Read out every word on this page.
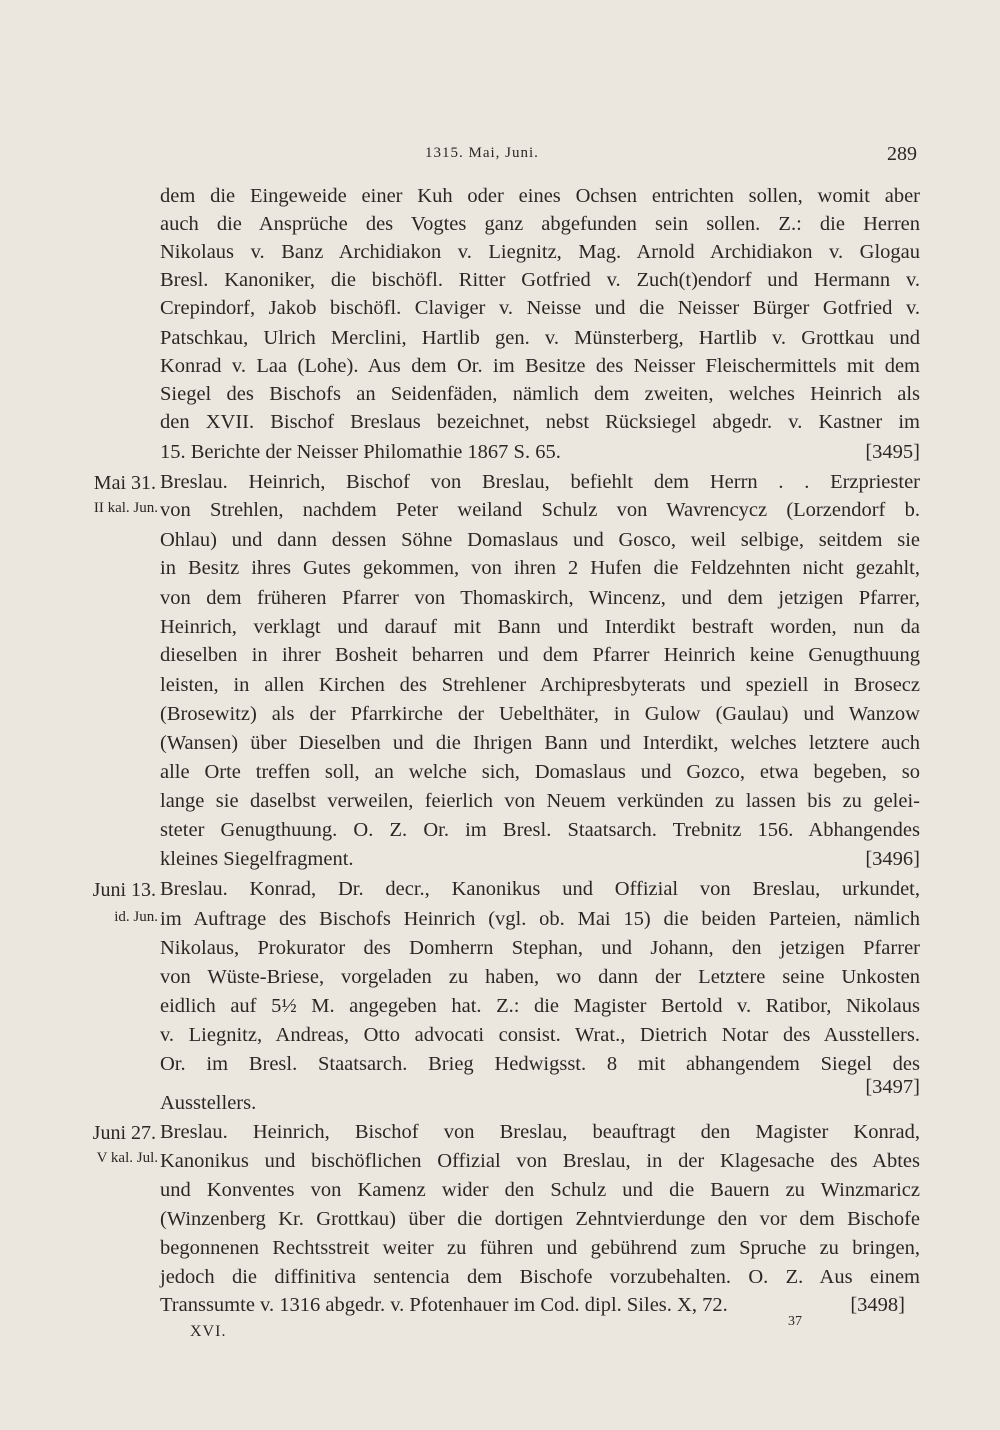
1315. Mai, Juni.	289
dem die Eingeweide einer Kuh oder eines Ochsen entrichten sollen, womit aber
auch die Ansprüche des Vogtes ganz abgefunden sein sollen. Z.: die Herren
Nikolaus v. Banz Archidiakon v. Liegnitz, Mag. Arnold Archidiakon v. Glogau
Bresl. Kanoniker, die bischöfl. Ritter Gotfried v. Zuch(t)endorf und Hermann v.
Crepindorf, Jakob bischöfl. Claviger v. Neisse und die Neisser Bürger Gotfried v.
Patschkau, Ulrich Merclini, Hartlib gen. v. Münsterberg, Hartlib v. Grottkau und
Konrad v. Laa (Lohe). Aus dem Or. im Besitze des Neisser Fleischermittels mit dem
Siegel des Bischofs an Seidenfäden, nämlich dem zweiten, welches Heinrich als
den XVII. Bischof Breslaus bezeichnet, nebst Rücksiegel abgedr. v. Kastner im
15. Berichte der Neisser Philomathie 1867 S. 65.	[3495]
Mai 31.
II kal. Jun.
Breslau. Heinrich, Bischof von Breslau, befiehlt dem Herrn . . Erzpriester
von Strehlen, nachdem Peter weiland Schulz von Wavrencycz (Lorzendorf b.
Ohlau) und dann dessen Söhne Domaslaus und Gosco, weil selbige, seitdem sie
in Besitz ihres Gutes gekommen, von ihren 2 Hufen die Feldzehnten nicht gezahlt,
von dem früheren Pfarrer von Thomaskirch, Wincenz, und dem jetzigen Pfarrer,
Heinrich, verklagt und darauf mit Bann und Interdikt bestraft worden, nun da
dieselben in ihrer Bosheit beharren und dem Pfarrer Heinrich keine Genugthuung
leisten, in allen Kirchen des Strehlener Archipresbyterats und speziell in Brosecz
(Brosewitz) als der Pfarrkirche der Uebelthäter, in Gulow (Gaulau) und Wanzow
(Wansen) über Dieselben und die Ihrigen Bann und Interdikt, welches letztere auch
alle Orte treffen soll, an welche sich, Domaslaus und Gozco, etwa begeben, so
lange sie daselbst verweilen, feierlich von Neuem verkünden zu lassen bis zu gelei-
steter Genugthuung. O. Z. Or. im Bresl. Staatsarch. Trebnitz 156. Abhangendes
kleines Siegelfragment.	[3496]
Juni 13.
id. Jun.
Breslau. Konrad, Dr. decr., Kanonikus und Offizial von Breslau, urkundet,
im Auftrage des Bischofs Heinrich (vgl. ob. Mai 15) die beiden Parteien, nämlich
Nikolaus, Prokurator des Domherrn Stephan, und Johann, den jetzigen Pfarrer
von Wüste-Briese, vorgeladen zu haben, wo dann der Letztere seine Unkosten
eidlich auf 5½ M. angegeben hat. Z.: die Magister Bertold v. Ratibor, Nikolaus
v. Liegnitz, Andreas, Otto advocati consist. Wrat., Dietrich Notar des Ausstellers.
Or. im Bresl. Staatsarch. Brieg Hedwigsst. 8 mit abhangendem Siegel des
[3497]
Ausstellers.
Juni 27.
V kal. Jul.
Breslau. Heinrich, Bischof von Breslau, beauftragt den Magister Konrad,
Kanonikus und bischöflichen Offizial von Breslau, in der Klagesache des Abtes
und Konventes von Kamenz wider den Schulz und die Bauern zu Winzmaricz
(Winzenberg Kr. Grottkau) über die dortigen Zehntvierdunge den vor dem Bischofe
begonnenen Rechtsstreit weiter zu führen und gebührend zum Spruche zu bringen,
jedoch die diffinitiva sentencia dem Bischofe vorzubehalten. O. Z. Aus einem
Transsumte v. 1316 abgedr. v. Pfotenhauer im Cod. dipl. Siles. X, 72.	[3498]
XVI.
37
